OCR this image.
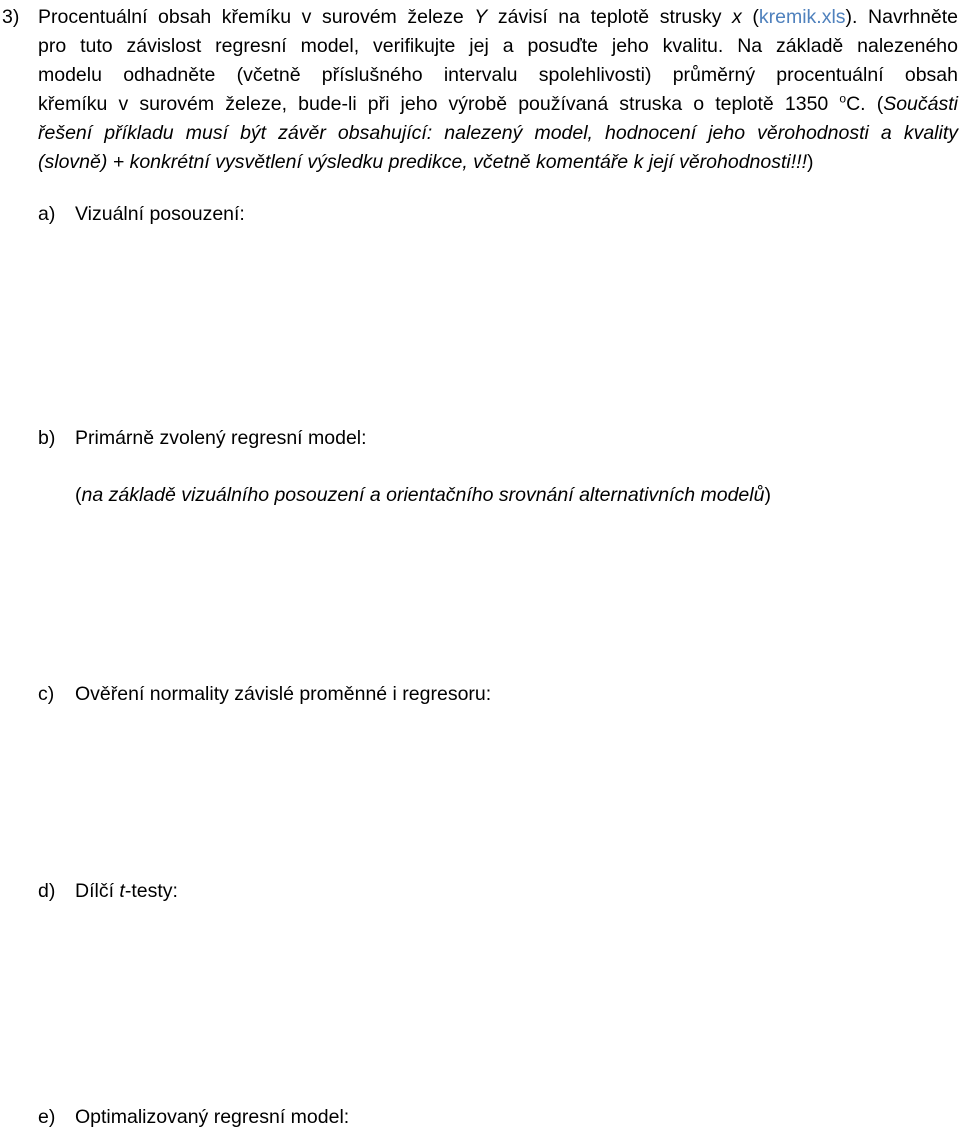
3) Procentuální obsah křemíku v surovém železe Y závisí na teplotě strusky x (kremik.xls). Navrhněte
pro tuto závislost regresní model, verifikujte jej a posuďte jeho kvalitu. Na základě nalezeného
modelu odhadněte (včetně příslušného intervalu spolehlivosti) průměrný procentuální obsah
křemíku v surovém železe, bude-li při jeho výrobě používaná struska o teplotě 1350 $^o$C. (Součásti
řešení příkladu musí být závěr obsahující: nalezený model, hodnocení jeho věrohodnosti a kvality
(slovně) + konkrétní vysvětlení výsledku predikce, včetně komentáře k její věrohodnosti!!!)
a) Vizuální posouzení:
b) Primárně zvolený regresní model:
(na základě vizuálního posouzení a orientačního srovnání alternativních modelů)
c) Ověření normality závislé proměnné i regresoru:
d) Dílčí t-testy:
e) Optimalizovaný regresní model:
